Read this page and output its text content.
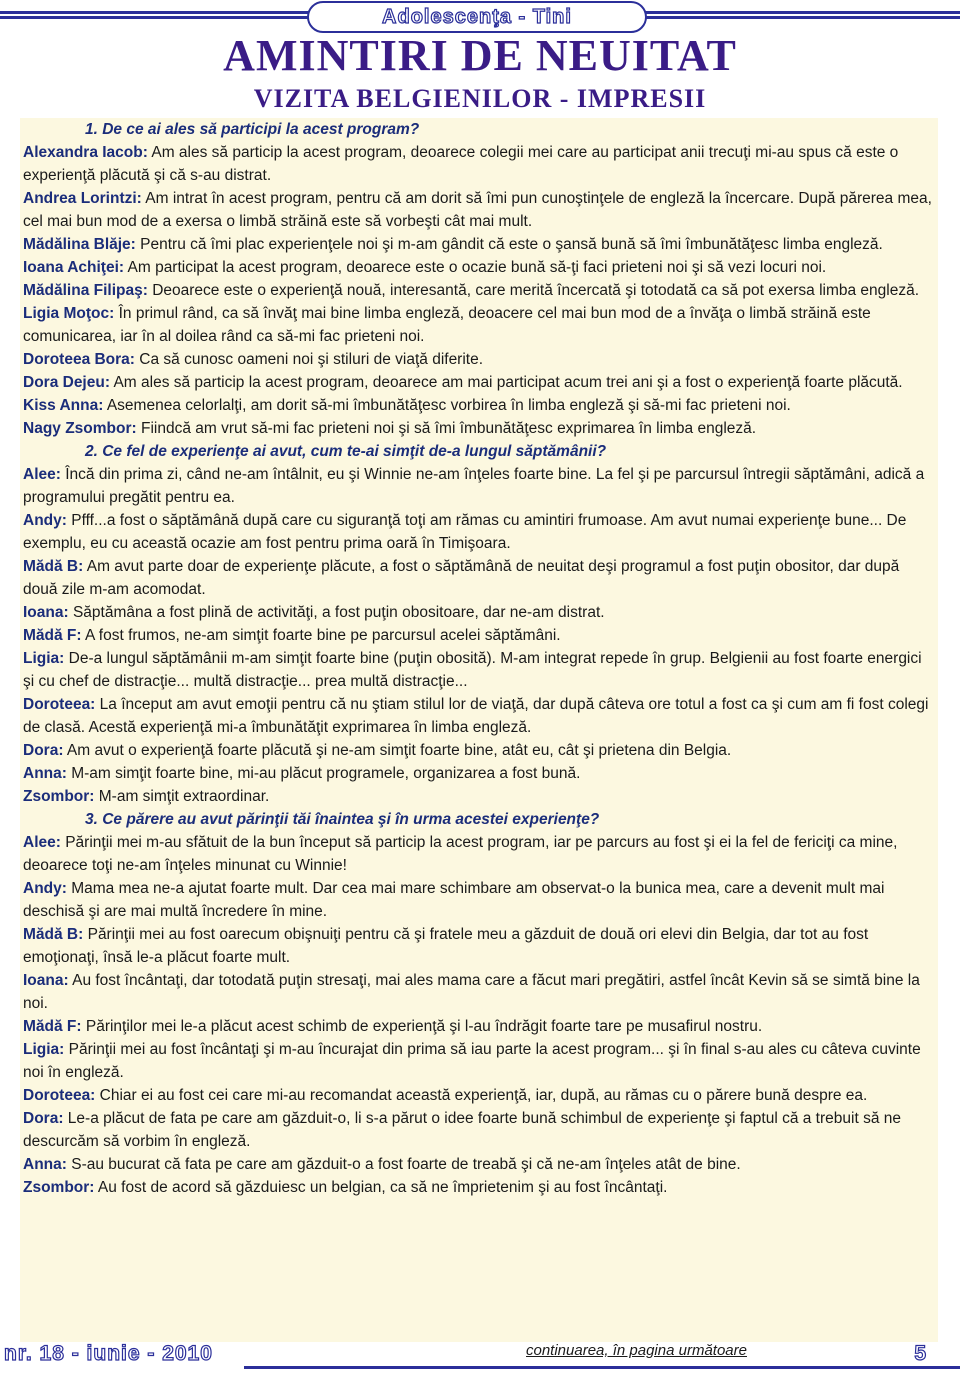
Adolescenţa - Tini
AMINTIRI DE NEUITAT
VIZITA BELGIENILOR - IMPRESII

1. De ce ai ales să participi la acest program?

Alexandra Iacob: Am ales să particip la acest program, deoarece colegii mei care au participat anii trecuţi mi-au spus că este o experienţă plăcută şi că s-au distrat.

Andrea Lorintzi: Am intrat în acest program, pentru că am dorit să îmi pun cunoştinţele de engleză la încercare. După părerea mea, cel mai bun mod de a exersa o limbă străină este să vorbeşti cât mai mult.

Mădălina Blăje: Pentru că îmi plac experienţele noi şi m-am gândit că este o şansă bună să îmi îmbunătăţesc limba engleză.

Ioana Achiţei: Am participat la acest program, deoarece este o ocazie bună să-ţi faci prieteni noi şi să vezi locuri noi.

Mădălina Filipaş: Deoarece este o experienţă nouă, interesantă, care merită încercată şi totodată ca să pot exersa limba engleză.

Ligia Moţoc: În primul rând, ca să învăţ mai bine limba engleză, deoacere cel mai bun mod de a învăţa o limbă străină este comunicarea, iar în al doilea rând ca să-mi fac prieteni noi.

Doroteea Bora: Ca să cunosc oameni noi şi stiluri de viaţă diferite.

Dora Dejeu: Am ales să particip la acest program, deoarece am mai participat acum trei ani şi a fost o experienţă foarte plăcută.

Kiss Anna: Asemenea celorlalţi, am dorit să-mi îmbunătăţesc vorbirea în limba engleză şi să-mi fac prieteni noi.

Nagy Zsombor: Fiindcă am vrut să-mi fac prieteni noi şi să îmi îmbunătăţesc exprimarea în limba engleză.

2. Ce fel de experienţe ai avut, cum te-ai simţit de-a lungul săptămânii?

Alee: Încă din prima zi, când ne-am întâlnit, eu şi Winnie ne-am înţeles foarte bine. La fel şi pe parcursul întregii săptămâni, adică a programului pregătit pentru ea.

Andy: Pfff...a fost o săptămână după care cu siguranţă toţi am rămas cu amintiri frumoase. Am avut numai experienţe bune... De exemplu, eu cu această ocazie am fost pentru prima oară în Timişoara.

Mădă B: Am avut parte doar de experienţe plăcute, a fost o săptămână de neuitat deşi programul a fost puţin obositor, dar după două zile m-am acomodat.

Ioana: Săptămâna a fost plină de activităţi, a fost puţin obositoare, dar ne-am distrat.

Mădă F: A fost frumos, ne-am simţit foarte bine pe parcursul acelei săptămâni.

Ligia: De-a lungul săptămânii m-am simţit foarte bine (puţin obosită). M-am integrat repede în grup. Belgienii au fost foarte energici şi cu chef de distracţie... multă distracţie... prea multă distracţie...

Doroteea: La început am avut emoţii pentru că nu ştiam stilul lor de viaţă, dar după câteva ore totul a fost ca şi cum am fi fost colegi de clasă. Acestă experienţă mi-a îmbunătăţit exprimarea în limba engleză.

Dora: Am avut o experienţă foarte plăcută şi ne-am simţit foarte bine, atât eu, cât şi prietena din Belgia.

Anna: M-am simţit foarte bine, mi-au plăcut programele, organizarea a fost bună.

Zsombor: M-am simţit extraordinar.

3. Ce părere au avut părinţii tăi înaintea şi în urma acestei experienţe?

Alee: Părinţii mei m-au sfătuit de la bun început să particip la acest program, iar pe parcurs au fost şi ei la fel de fericiţi ca mine, deoarece toţi ne-am înţeles minunat cu Winnie!

Andy: Mama mea ne-a ajutat foarte mult. Dar cea mai mare schimbare am observat-o la bunica mea, care a devenit mult mai deschisă şi are mai multă încredere în mine.

Mădă B: Părinţii mei au fost oarecum obişnuiţi pentru că şi fratele meu a găzduit de două ori elevi din Belgia, dar tot au fost emoţionaţi, însă le-a plăcut foarte mult.

Ioana: Au fost încântaţi, dar totodată puţin stresaţi, mai ales mama care a făcut mari pregătiri, astfel încât Kevin să se simtă bine la noi.

Mădă F: Părinţilor mei le-a plăcut acest schimb de experienţă şi l-au îndrăgit foarte tare pe musafirul nostru.

Ligia: Părinţii mei au fost încântaţi şi m-au încurajat din prima să iau parte la acest program... şi în final s-au ales cu câteva cuvinte noi în engleză.

Doroteea: Chiar ei au fost cei care mi-au recomandat această experienţă, iar, după, au rămas cu o părere bună despre ea.

Dora: Le-a plăcut de fata pe care am găzduit-o, li s-a părut o idee foarte bună schimbul de experienţe şi faptul că a trebuit să ne descurcăm să vorbim în engleză.

Anna: S-au bucurat că fata pe care am găzduit-o a fost foarte de treabă şi că ne-am înţeles atât de bine.

Zsombor: Au fost de acord să găzduiesc un belgian, ca să ne împrietenim şi au fost încântaţi.

nr. 18 - iunie - 2010	continuarea, în pagina următoare	5
